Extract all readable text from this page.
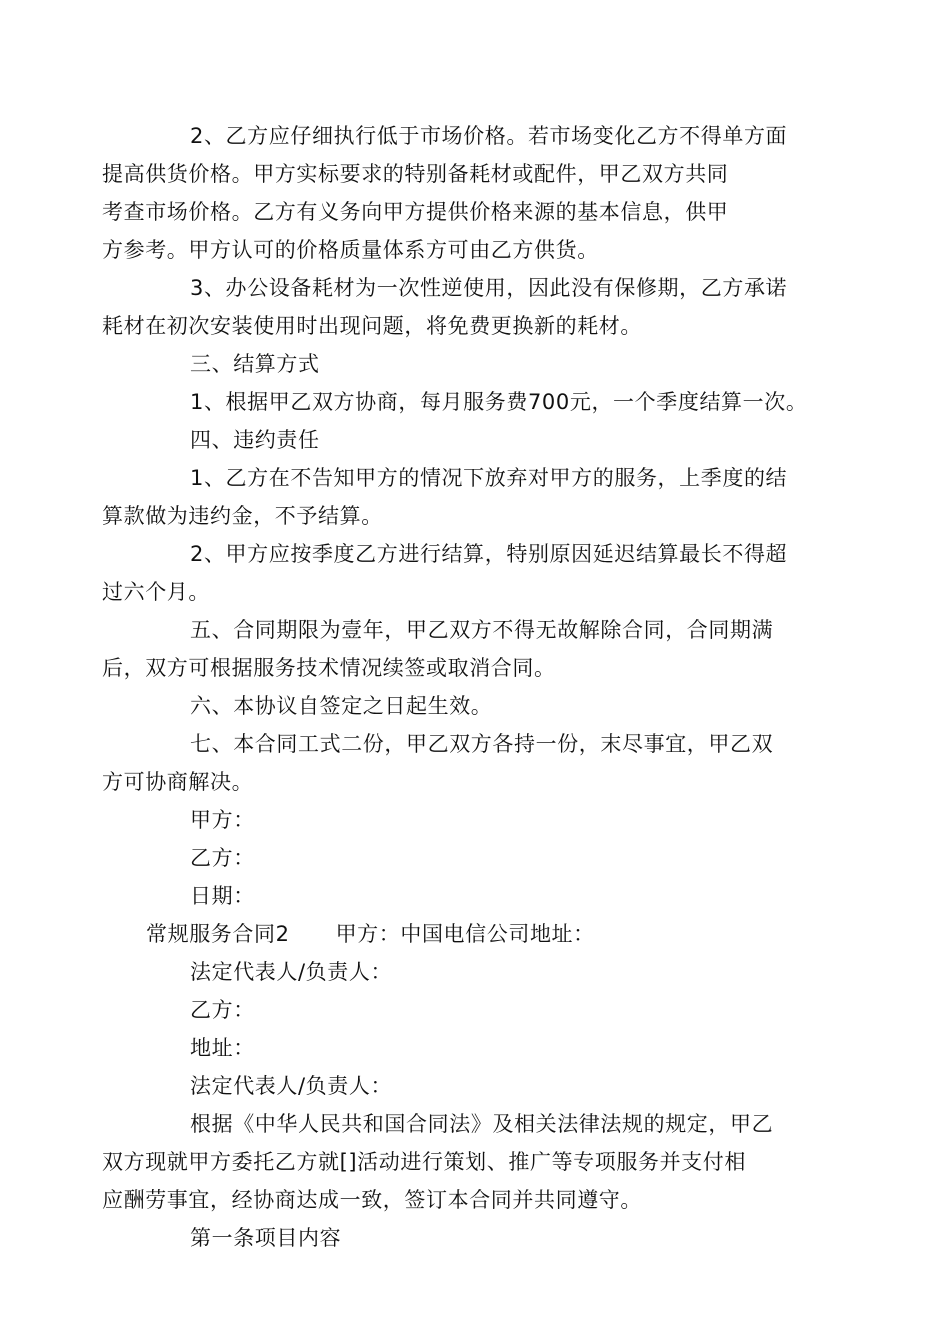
2、乙方应仔细执行低于市场价格。若市场变化乙方不得单方面
提高供货价格。甲方实标要求的特别备耗材或配件，甲乙双方共同
考查市场价格。乙方有义务向甲方提供价格来源的基本信息，供甲
方参考。甲方认可的价格质量体系方可由乙方供货。

3、办公设备耗材为一次性逆使用，因此没有保修期，乙方承诺
耗材在初次安装使用时出现问题，将免费更换新的耗材。

三、结算方式

1、根据甲乙双方协商，每月服务费700元，一个季度结算一次。

四、违约责任

1、乙方在不告知甲方的情况下放弃对甲方的服务，上季度的结
算款做为违约金，不予结算。

2、甲方应按季度乙方进行结算，特别原因延迟结算最长不得超
过六个月。

五、合同期限为壹年，甲乙双方不得无故解除合同，合同期满
后，双方可根据服务技术情况续签或取消合同。

六、本协议自签定之日起生效。

七、本合同工式二份，甲乙双方各持一份，末尽事宜，甲乙双
方可协商解决。

甲方：

乙方：

日期：

常规服务合同2 甲方：中国电信公司地址：

法定代表人/负责人：

乙方：

地址：

法定代表人/负责人：

根据《中华人民共和国合同法》及相关法律法规的规定，甲乙
双方现就甲方委托乙方就[]活动进行策划、推广等专项服务并支付相
应酬劳事宜，经协商达成一致，签订本合同并共同遵守。

第一条项目内容
